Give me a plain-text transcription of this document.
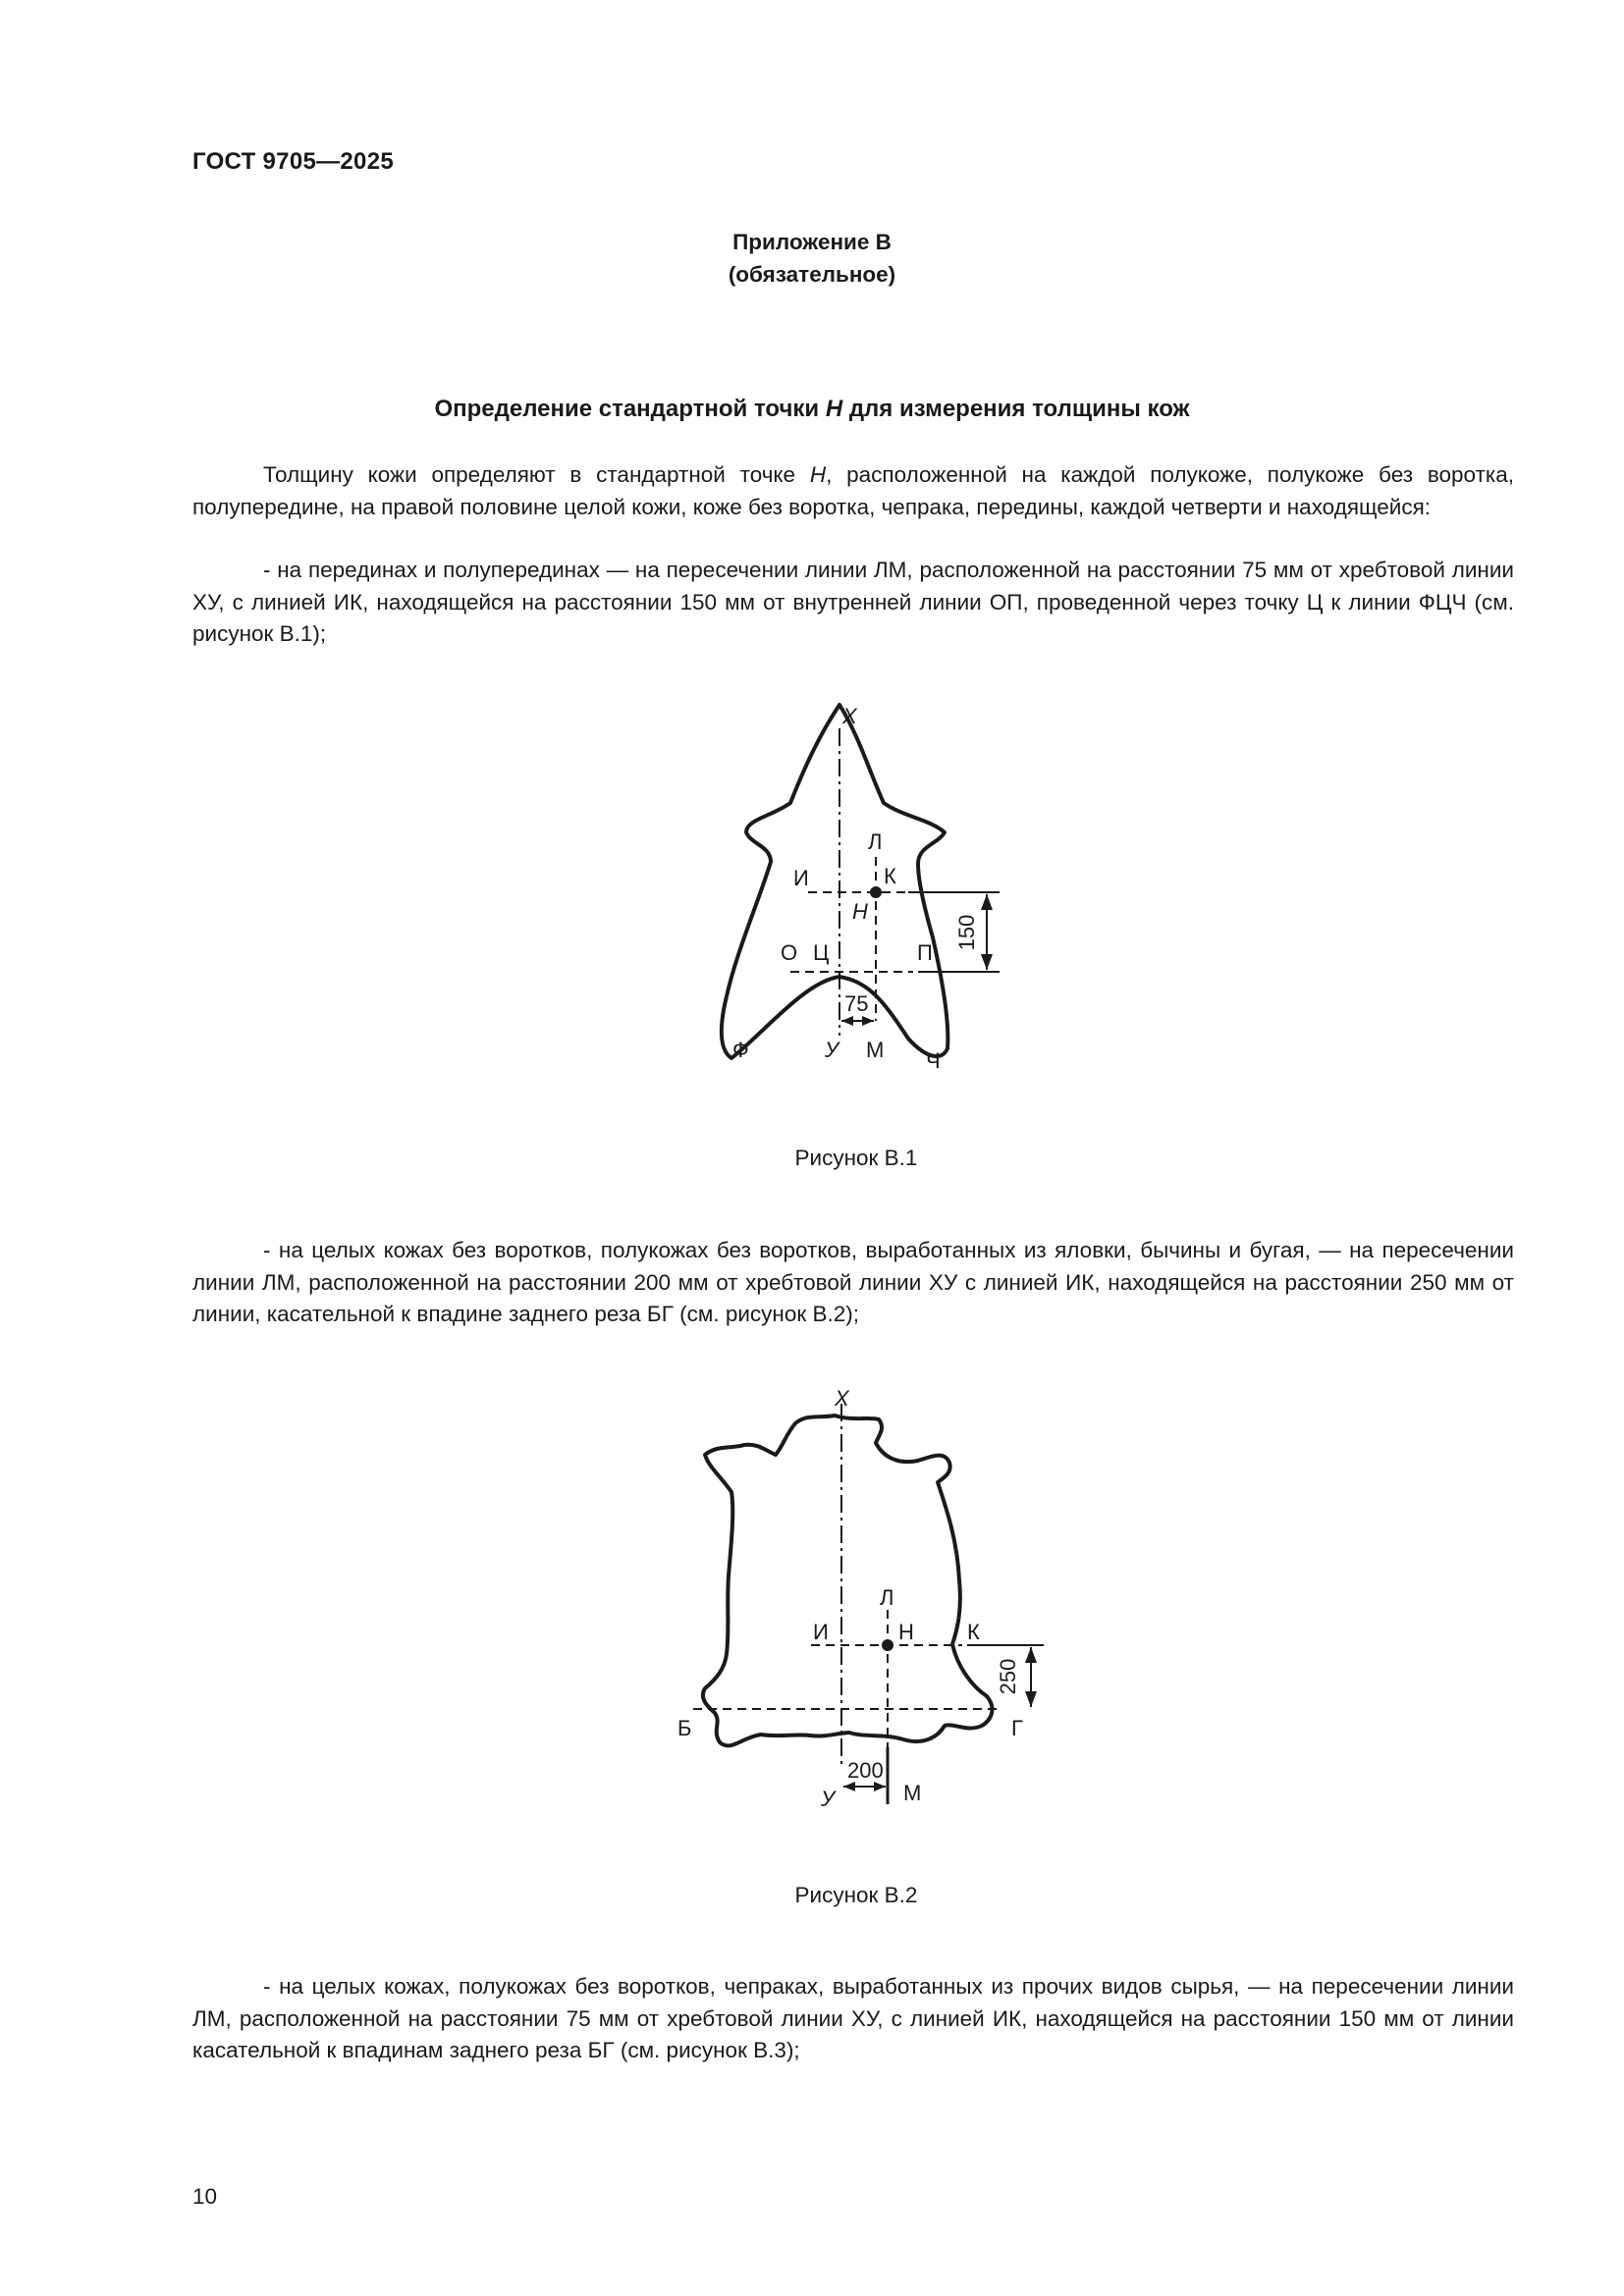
ГОСТ 9705—2025
Приложение В
(обязательное)
Определение стандартной точки Н для измерения толщины кож

Толщину кожи определяют в стандартной точке Н, расположенной на каждой полукоже, полукоже без воротка, полупередине, на правой половине целой кожи, коже без воротка, чепрака, передины, каждой четверти и находящейся:

- на перединах и полуперединах — на пересечении линии ЛМ, расположенной на расстоянии 75 мм от хребтовой линии ХУ, с линией ИК, находящейся на расстоянии 150 мм от внутренней линии ОП, проведенной через точку Ц к линии ФЦЧ (см. рисунок В.1);

Х
Л
И	К
Н
О Ц	П
Ф	У М Ч
75
150
Рисунок В.1

- на целых кожах без воротков, полукожах без воротков, выработанных из яловки, бычины и бугая, — на пересечении линии ЛМ, расположенной на расстоянии 200 мм от хребтовой линии ХУ с линией ИК, находящейся на расстоянии 250 мм от линии, касательной к впадине заднего реза БГ (см. рисунок В.2);

Х
Л
И	Н К
Б	Г
У	М
200
250
Рисунок В.2

- на целых кожах, полукожах без воротков, чепраках, выработанных из прочих видов сырья, — на пересечении линии ЛМ, расположенной на расстоянии 75 мм от хребтовой линии ХУ, с линией ИК, находящейся на расстоянии 150 мм от линии касательной к впадинам заднего реза БГ (см. рисунок В.3);

10
